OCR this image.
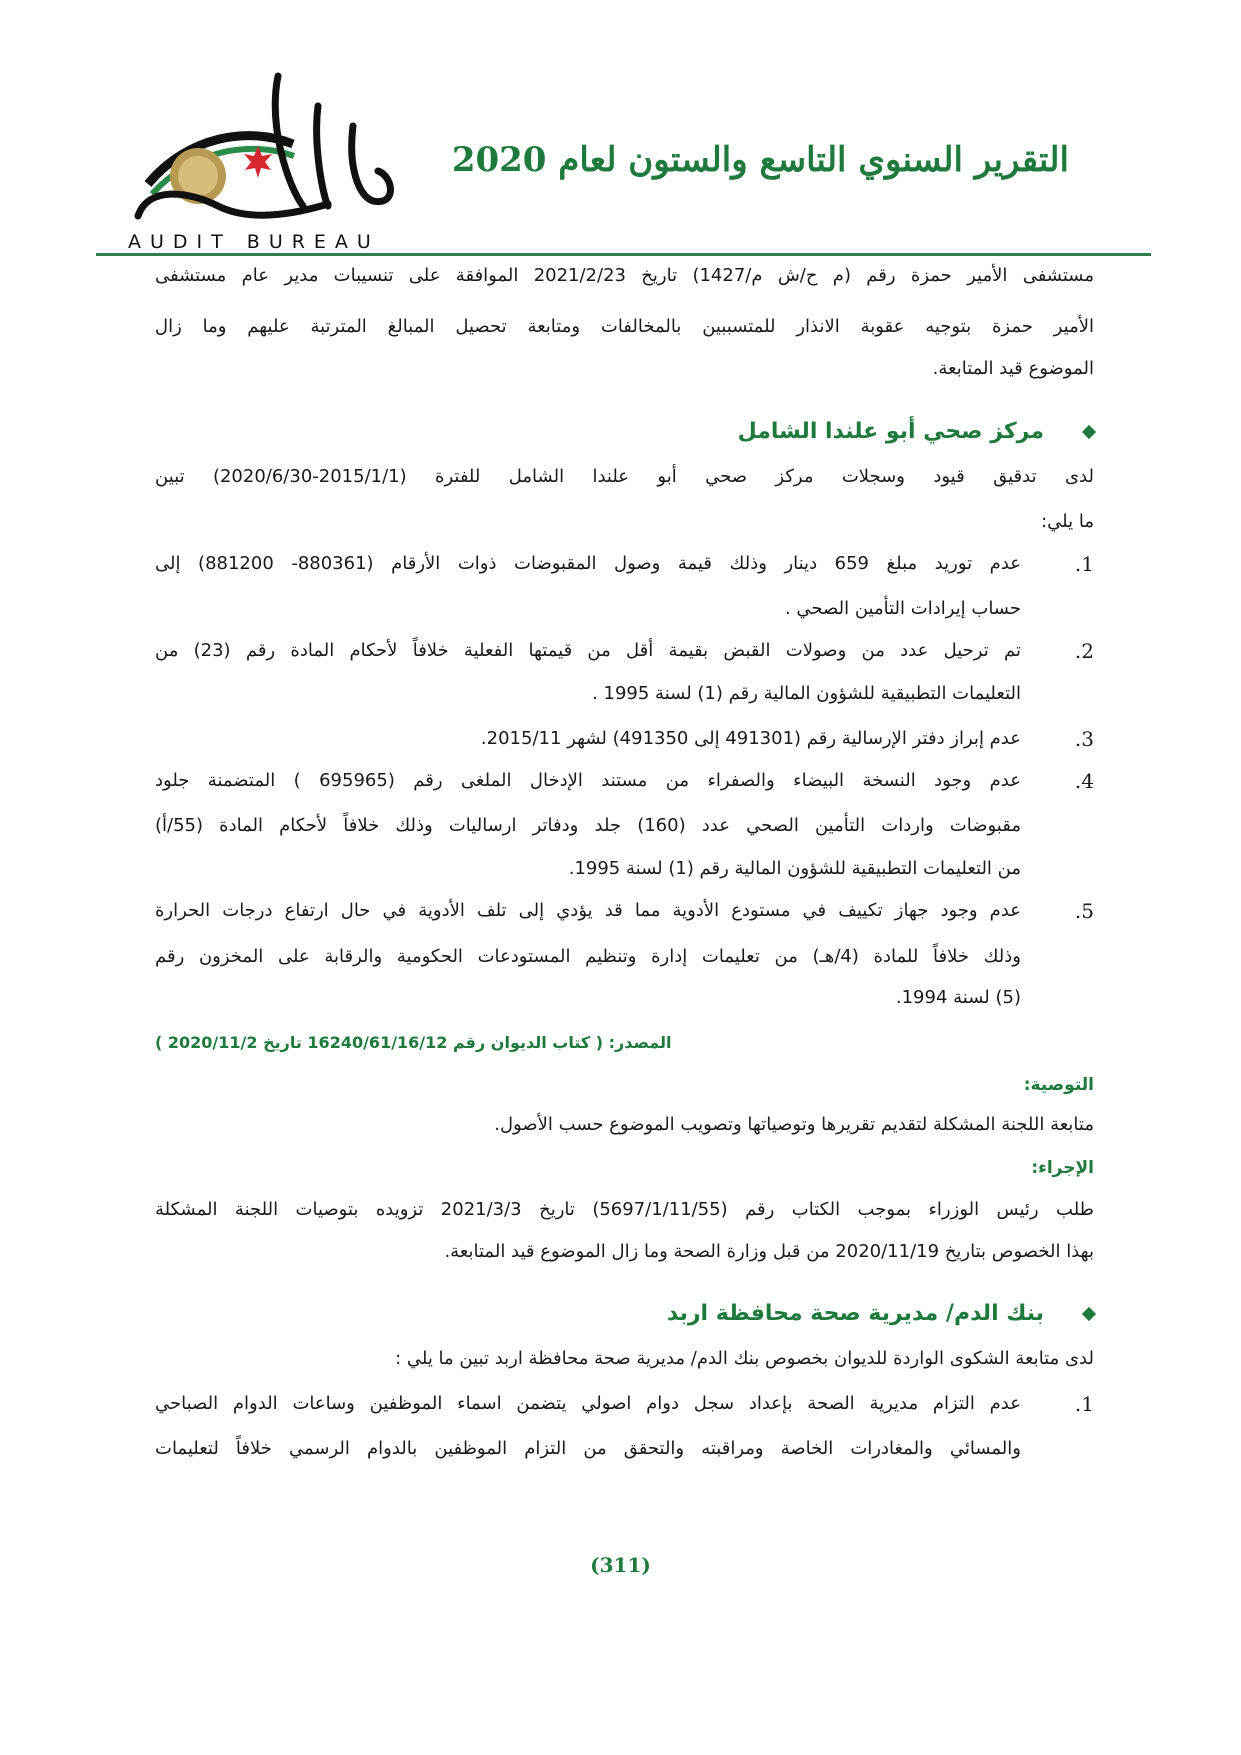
AUDIT BUREAU
التقرير السنوي التاسع والستون لعام 2020
مستشفى الأمير حمزة رقم (م ح/ش م/1427) تاريخ 2021/2/23 الموافقة على تنسيبات مدير عام مستشفى
الأمير حمزة بتوجيه عقوبة الانذار للمتسببين بالمخالفات ومتابعة تحصيل المبالغ المترتبة عليهم وما زال
الموضوع قيد المتابعة.
مركز صحي أبو علندا الشامل
لدى تدقيق قيود وسجلات مركز صحي أبو علندا الشامل للفترة (2015/1/1-2020/6/30) تبين
ما يلي:
.1
عدم توريد مبلغ 659 دينار وذلك قيمة وصول المقبوضات ذوات الأرقام (880361- 881200) إلى
حساب إيرادات التأمين الصحي .
.2
تم ترحيل عدد من وصولات القبض بقيمة أقل من قيمتها الفعلية خلافاً لأحكام المادة رقم (23) من
التعليمات التطبيقية للشؤون المالية رقم (1) لسنة 1995 .
.3
عدم إبراز دفتر الإرسالية رقم (491301 إلى 491350) لشهر 2015/11.
.4
عدم وجود النسخة البيضاء والصفراء من مستند الإدخال الملغى رقم (695965 ) المتضمنة جلود
مقبوضات واردات التأمين الصحي عدد (160) جلد ودفاتر ارساليات وذلك خلافاً لأحكام المادة (55/أ)
من التعليمات التطبيقية للشؤون المالية رقم (1) لسنة 1995.
.5
عدم وجود جهاز تكييف في مستودع الأدوية مما قد يؤدي إلى تلف الأدوية في حال ارتفاع درجات الحرارة
وذلك خلافاً للمادة (4/هـ) من تعليمات إدارة وتنظيم المستودعات الحكومية والرقابة على المخزون رقم
(5) لسنة 1994.
المصدر: ( كتاب الديوان رقم 16240/61/16/12 تاريخ 2020/11/2 )
التوصية:
متابعة اللجنة المشكلة لتقديم تقريرها وتوصياتها وتصويب الموضوع حسب الأصول.
الإجراء:
طلب رئيس الوزراء بموجب الكتاب رقم (5697/1/11/55) تاريخ 2021/3/3 تزويده بتوصيات اللجنة المشكلة
بهذا الخصوص بتاريخ 2020/11/19 من قبل وزارة الصحة وما زال الموضوع قيد المتابعة.
بنك الدم/ مديرية صحة محافظة اربد
لدى متابعة الشكوى الواردة للديوان بخصوص بنك الدم/ مديرية صحة محافظة اربد تبين ما يلي :
.1
عدم التزام مديرية الصحة بإعداد سجل دوام اصولي يتضمن اسماء الموظفين وساعات الدوام الصباحي
والمسائي والمغادرات الخاصة ومراقبته والتحقق من التزام الموظفين بالدوام الرسمي خلافاً لتعليمات
(311)
